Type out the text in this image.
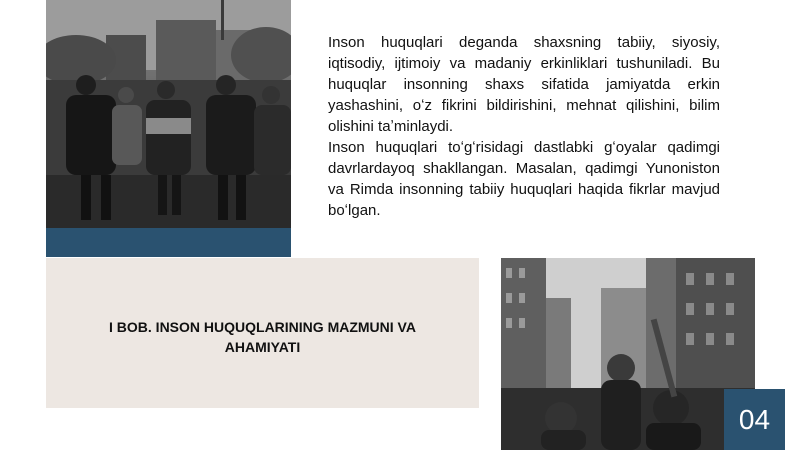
Inson huquqlari deganda shaxsning tabiiy, siyosiy, iqtisodiy, ijtimoiy va madaniy erkinliklari tushuniladi. Bu huquqlar insonning shaxs sifatida jamiyatda erkin yashashini, oʻz fikrini bildirishini, mehnat qilishini, bilim olishini taʼminlaydi.

Inson huquqlari toʻgʻrisidagi dastlabki gʻoyalar qadimgi davrlardayoq shakllangan. Masalan, qadimgi Yunoniston va Rimda insonning tabiiy huquqlari haqida fikrlar mavjud boʻlgan.

I BOB. INSON HUQUQLARINING MAZMUNI VA AHAMIYATI
04
